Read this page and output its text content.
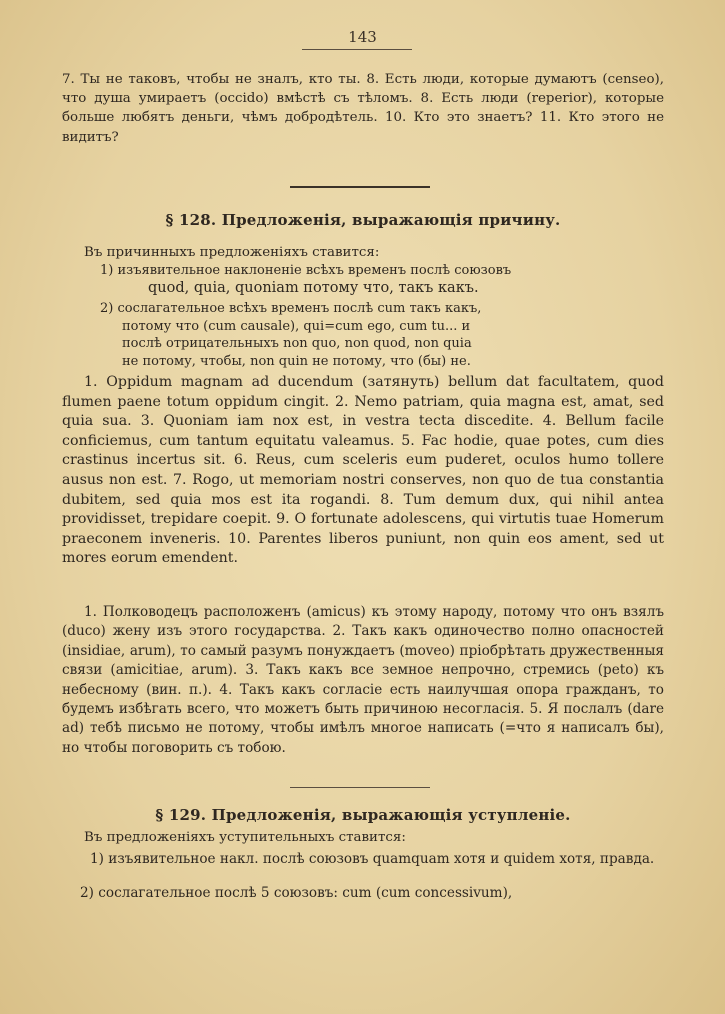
143

7. Ты не таковъ, чтобы не зналъ, кто ты. 8. Есть люди, которые думаютъ (censeo), что душа умираетъ (occido) вмѣстѣ съ тѣломъ. 8. Есть люди (reperior), которые больше любятъ деньги, чѣмъ добродѣтель. 10. Кто это знаетъ? 11. Кто этого не видитъ?

§ 128. Предложенія, выражающія причину.

Въ причинныхъ предложеніяхъ ставится:

1) изъявительное наклоненіе всѣхъ временъ послѣ союзовъ

quod, quia, quoniam потому что, такъ какъ.

2) сослагательное всѣхъ временъ послѣ cum такъ какъ,

потому что (cum causale), qui=cum ego, cum tu... и

послѣ отрицательныхъ non quo, non quod, non quia

не потому, чтобы, non quin не потому, что (бы) не.

1. Oppidum magnam ad ducendum (затянуть) bellum dat facultatem, quod flumen paene totum oppidum cingit. 2. Nemo patriam, quia magna est, amat, sed quia sua. 3. Quoniam iam nox est, in vestra tecta discedite. 4. Bellum facile conficiemus, cum tantum equitatu valeamus. 5. Fac hodie, quae potes, cum dies crastinus incertus sit. 6. Reus, cum sceleris eum puderet, oculos humo tollere ausus non est. 7. Rogo, ut memoriam nostri conserves, non quo de tua constantia dubitem, sed quia mos est ita rogandi. 8. Tum demum dux, qui nihil antea providisset, trepidare coepit. 9. O fortunate adolescens, qui virtutis tuae Homerum praeconem inveneris. 10. Parentes liberos puniunt, non quin eos ament, sed ut mores eorum emendent.

1. Полководецъ расположенъ (amicus) къ этому народу, потому что онъ взялъ (duco) жену изъ этого государства. 2. Такъ какъ одиночество полно опасностей (insidiae, arum), то самый разумъ понуждаетъ (moveo) пріобрѣтать дружественныя связи (amicitiae, arum). 3. Такъ какъ все земное непрочно, стремись (peto) къ небесному (вин. п.). 4. Такъ какъ согласіе есть наилучшая опора гражданъ, то будемъ избѣгать всего, что можетъ быть причиною несогласія. 5. Я послалъ (dare ad) тебѣ письмо не потому, чтобы имѣлъ многое написать (=что я написалъ бы), но чтобы поговорить съ тобою.

§ 129. Предложенія, выражающія уступленіе.

Въ предложеніяхъ уступительныхъ ставится:

1) изъявительное накл. послѣ союзовъ quamquam хотя и quidem хотя, правда.

2) сослагательное послѣ 5 союзовъ: cum (cum concessivum),
